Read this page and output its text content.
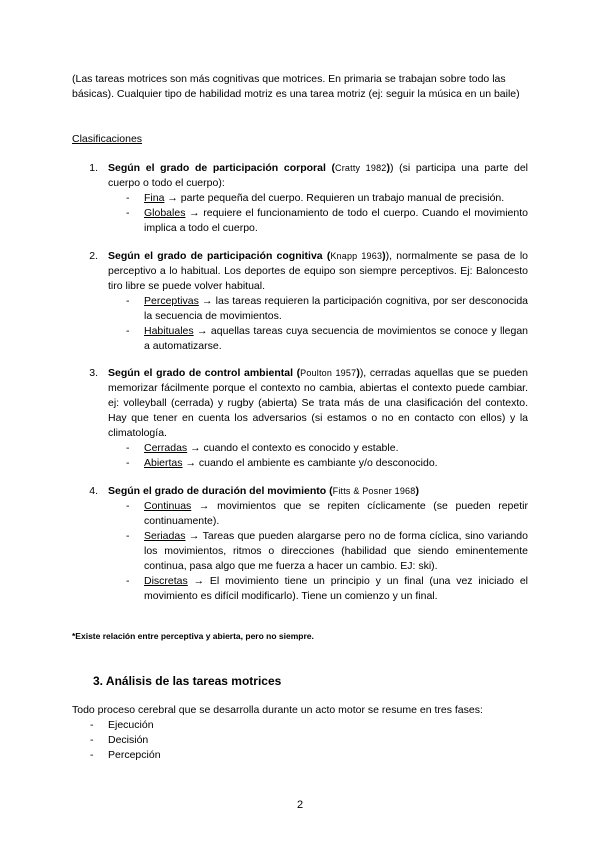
(Las tareas motrices son más cognitivas que motrices. En primaria se trabajan sobre todo las básicas). Cualquier tipo de habilidad motriz es una tarea motriz (ej: seguir la música en un baile)

Clasificaciones

1. Según el grado de participación corporal (Cratty 1982)) (si participa una parte del cuerpo o todo el cuerpo):

- Fina → parte pequeña del cuerpo. Requieren un trabajo manual de precisión.

- Globales → requiere el funcionamiento de todo el cuerpo. Cuando el movimiento implica a todo el cuerpo.

2. Según el grado de participación cognitiva (Knapp 1963)), normalmente se pasa de lo perceptivo a lo habitual. Los deportes de equipo son siempre perceptivos. Ej: Baloncesto tiro libre se puede volver habitual.

- Perceptivas → las tareas requieren la participación cognitiva, por ser desconocida la secuencia de movimientos.

- Habituales → aquellas tareas cuya secuencia de movimientos se conoce y llegan a automatizarse.

3. Según el grado de control ambiental (Poulton 1957)), cerradas aquellas que se pueden memorizar fácilmente porque el contexto no cambia, abiertas el contexto puede cambiar. ej: volleyball (cerrada) y rugby (abierta) Se trata más de una clasificación del contexto. Hay que tener en cuenta los adversarios (si estamos o no en contacto con ellos) y la climatología.

- Cerradas → cuando el contexto es conocido y estable.

- Abiertas → cuando el ambiente es cambiante y/o desconocido.

4. Según el grado de duración del movimiento (Fitts & Posner 1968)

- Continuas → movimientos que se repiten cíclicamente (se pueden repetir continuamente).

- Seriadas → Tareas que pueden alargarse pero no de forma cíclica, sino variando los movimientos, ritmos o direcciones (habilidad que siendo eminentemente continua, pasa algo que me fuerza a hacer un cambio. EJ: ski).

- Discretas → El movimiento tiene un principio y un final (una vez iniciado el movimiento es difícil modificarlo). Tiene un comienzo y un final.

*Existe relación entre perceptiva y abierta, pero no siempre.

3. Análisis de las tareas motrices

Todo proceso cerebral que se desarrolla durante un acto motor se resume en tres fases:

- Ejecución

- Decisión

- Percepción

2
